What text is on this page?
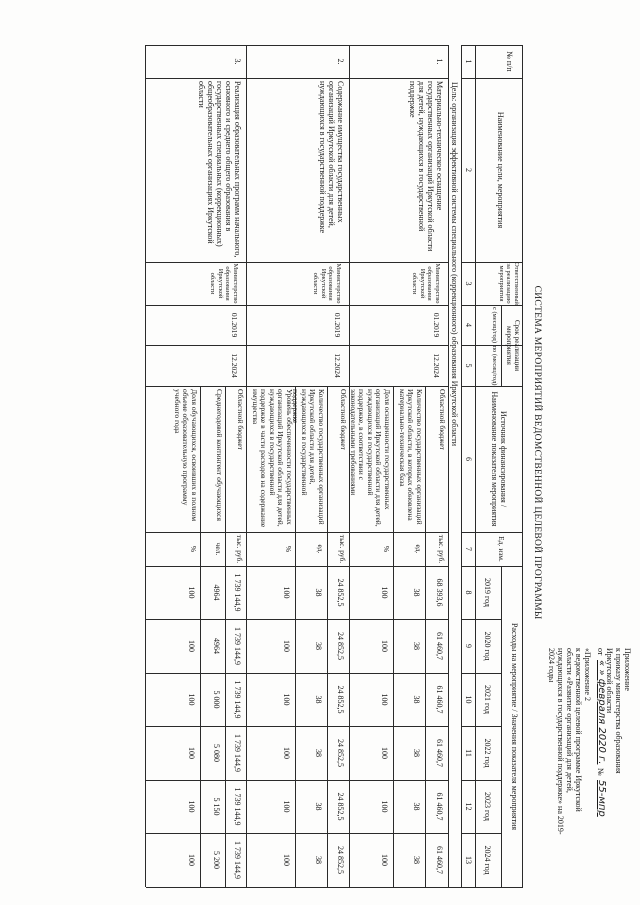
Приложение
к приказу министерства образования
Иркутской области
от
« » февраля 2020 г.
№
55-мпр
«Приложение 2
к ведомственной целевой программе Иркутской
области «Развитие организаций для детей,
нуждающихся в государственной поддержке» на 2019-
2024 годы
СИСТЕМА МЕРОПРИЯТИЙ ВЕДОМСТВЕННОЙ ЦЕЛЕВОЙ ПРОГРАММЫ
№ п/п
Наименование цели, мероприятия
Ответственный за реализацию мероприятия
Срок реализации мероприятия
с (месяц/год)
по (месяц/год)
Источник финансирования / Наименование показателя мероприятия
Ед. изм.
Расходы на мероприятие / Значения показателя мероприятия
2019 год
2020 год
2021 год
2022 год
2023 год
2024 год
1
2
3
4
5
6
7
8
9
10
11
12
13
Цель: организация эффективной системы специального (коррекционного) образования Иркутской области
1.
Материально-техническое оснащение государственных организаций Иркутской области для детей, нуждающихся в государственной поддержке
Министерство образования Иркутской области
01.2019
12.2024
Областной бюджет
тыс. руб.
68 393,6
61 460,7
61 460,7
61 460,7
61 460,7
61 460,7
Количество государственных организаций Иркутской области, в которых обновлена материально-техническая база
ед.
38
38
38
38
38
38
Доля оснащенности государственных организаций Иркутской области для детей, нуждающихся в государственной поддержке, в соответствии с законодательными требованиями
%
100
100
100
100
100
100
2.
Содержание имущества государственных организаций Иркутской области для детей, нуждающихся в государственной поддержке
Министерство образования Иркутской области
01.2019
12.2024
Областной бюджет
тыс. руб.
24 852,5
24 852,5
24 852,5
24 852,5
24 852,5
24 852,5
Количество государственных организаций Иркутской области для детей, нуждающихся в государственной поддержке
ед.
38
38
38
38
38
38
Уровень обеспеченности государственных организаций Иркутской области для детей, нуждающихся в государственной поддержке в части расходов на содержание имущества
%
100
100
100
100
100
100
3.
Реализация образовательных программ начального, основного и среднего общего образования в государственных специальных (коррекционных) общеобразовательных организациях Иркутской области
Министерство образования Иркутской области
01.2019
12.2024
Областной бюджет
тыс. руб.
1 739 144,9
1 739 144,9
1 739 144,9
1 739 144,9
1 739 144,9
1 739 144,9
Среднегодовой контингент обучающихся
чел.
4964
4964
5 000
5 080
5 150
5 200
Доля обучающихся, освоивших в полном объеме образовательную программу учебного года
%
100
100
100
100
100
100
